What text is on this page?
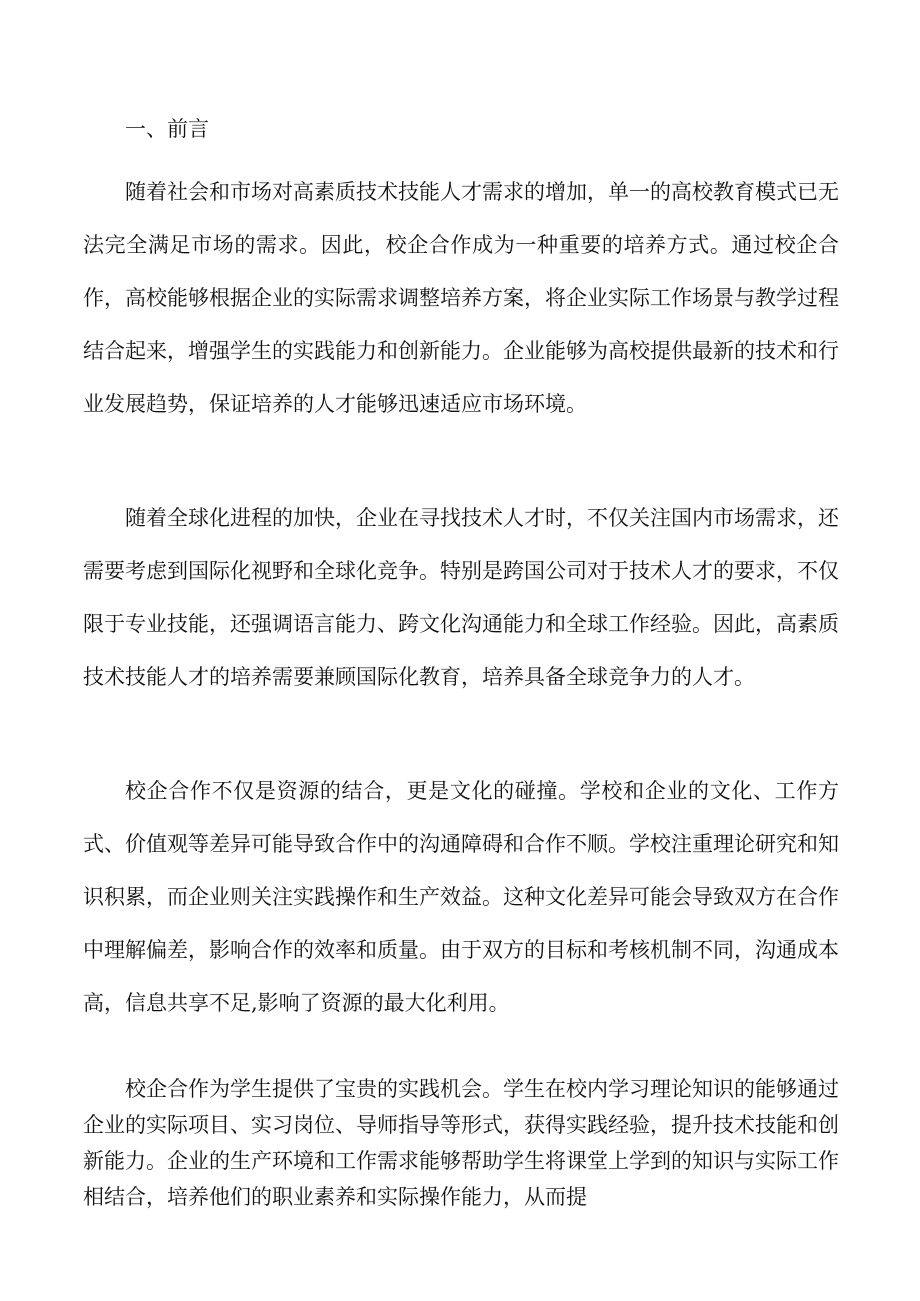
一、前言

随着社会和市场对高素质技术技能人才需求的增加，单一的高校教育模式已无法完全满足市场的需求。因此，校企合作成为一种重要的培养方式。通过校企合作，高校能够根据企业的实际需求调整培养方案，将企业实际工作场景与教学过程结合起来，增强学生的实践能力和创新能力。企业能够为高校提供最新的技术和行业发展趋势，保证培养的人才能够迅速适应市场环境。

随着全球化进程的加快，企业在寻找技术人才时，不仅关注国内市场需求，还需要考虑到国际化视野和全球化竞争。特别是跨国公司对于技术人才的要求，不仅限于专业技能，还强调语言能力、跨文化沟通能力和全球工作经验。因此，高素质技术技能人才的培养需要兼顾国际化教育，培养具备全球竞争力的人才。

校企合作不仅是资源的结合，更是文化的碰撞。学校和企业的文化、工作方式、价值观等差异可能导致合作中的沟通障碍和合作不顺。学校注重理论研究和知识积累，而企业则关注实践操作和生产效益。这种文化差异可能会导致双方在合作中理解偏差，影响合作的效率和质量。由于双方的目标和考核机制不同，沟通成本高，信息共享不足,影响了资源的最大化利用。

校企合作为学生提供了宝贵的实践机会。学生在校内学习理论知识的能够通过企业的实际项目、实习岗位、导师指导等形式，获得实践经验，提升技术技能和创新能力。企业的生产环境和工作需求能够帮助学生将课堂上学到的知识与实际工作相结合，培养他们的职业素养和实际操作能力，从而提
